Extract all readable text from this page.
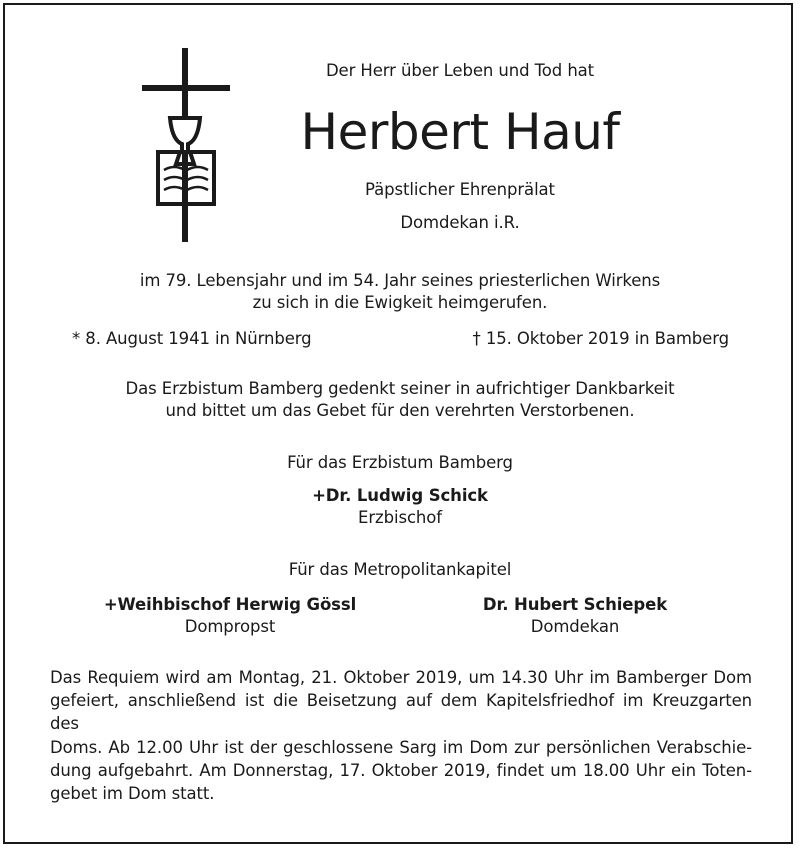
Der Herr über Leben und Tod hat
Herbert Hauf
Päpstlicher Ehrenprälat
Domdekan i.R.
im 79. Lebensjahr und im 54. Jahr seines priesterlichen Wirkens
zu sich in die Ewigkeit heimgerufen.
* 8. August 1941 in Nürnberg	† 15. Oktober 2019 in Bamberg
Das Erzbistum Bamberg gedenkt seiner in aufrichtiger Dankbarkeit
und bittet um das Gebet für den verehrten Verstorbenen.
Für das Erzbistum Bamberg
+Dr. Ludwig Schick
Erzbischof
Für das Metropolitankapitel
+Weihbischof Herwig Gössl
Dompropst
Dr. Hubert Schiepek
Domdekan
Das Requiem wird am Montag, 21. Oktober 2019, um 14.30 Uhr im Bamberger Dom
gefeiert, anschließend ist die Beisetzung auf dem Kapitelsfriedhof im Kreuzgarten des
Doms. Ab 12.00 Uhr ist der geschlossene Sarg im Dom zur persönlichen Verabschie-
dung aufgebahrt. Am Donnerstag, 17. Oktober 2019, findet um 18.00 Uhr ein Toten-
gebet im Dom statt.
